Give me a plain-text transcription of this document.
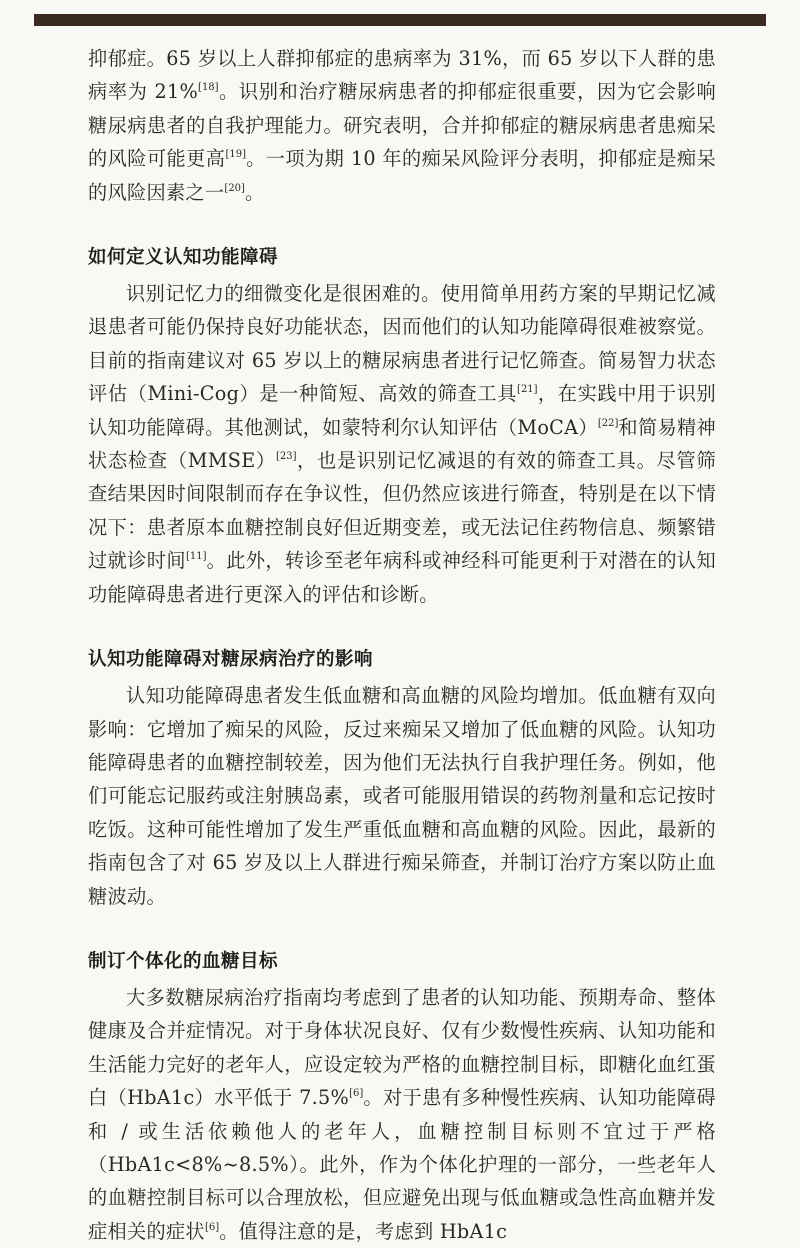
抑郁症。65 岁以上人群抑郁症的患病率为 31%，而 65 岁以下人群的患病率为 21%[18]。识别和治疗糖尿病患者的抑郁症很重要，因为它会影响糖尿病患者的自我护理能力。研究表明，合并抑郁症的糖尿病患者患痴呆的风险可能更高[19]。一项为期 10 年的痴呆风险评分表明，抑郁症是痴呆的风险因素之一[20]。

如何定义认知功能障碍

识别记忆力的细微变化是很困难的。使用简单用药方案的早期记忆减退患者可能仍保持良好功能状态，因而他们的认知功能障碍很难被察觉。目前的指南建议对 65 岁以上的糖尿病患者进行记忆筛查。简易智力状态评估（Mini-Cog）是一种简短、高效的筛查工具[21]，在实践中用于识别认知功能障碍。其他测试，如蒙特利尔认知评估（MoCA）[22]和简易精神状态检查（MMSE）[23]，也是识别记忆减退的有效的筛查工具。尽管筛查结果因时间限制而存在争议性，但仍然应该进行筛查，特别是在以下情况下：患者原本血糖控制良好但近期变差，或无法记住药物信息、频繁错过就诊时间[11]。此外，转诊至老年病科或神经科可能更利于对潜在的认知功能障碍患者进行更深入的评估和诊断。

认知功能障碍对糖尿病治疗的影响

认知功能障碍患者发生低血糖和高血糖的风险均增加。低血糖有双向影响：它增加了痴呆的风险，反过来痴呆又增加了低血糖的风险。认知功能障碍患者的血糖控制较差，因为他们无法执行自我护理任务。例如，他们可能忘记服药或注射胰岛素，或者可能服用错误的药物剂量和忘记按时吃饭。这种可能性增加了发生严重低血糖和高血糖的风险。因此，最新的指南包含了对 65 岁及以上人群进行痴呆筛查，并制订治疗方案以防止血糖波动。

制订个体化的血糖目标

大多数糖尿病治疗指南均考虑到了患者的认知功能、预期寿命、整体健康及合并症情况。对于身体状况良好、仅有少数慢性疾病、认知功能和生活能力完好的老年人，应设定较为严格的血糖控制目标，即糖化血红蛋白（HbA1c）水平低于 7.5%[6]。对于患有多种慢性疾病、认知功能障碍和 / 或生活依赖他人的老年人，血糖控制目标则不宜过于严格（HbA1c<8%~8.5%）。此外，作为个体化护理的一部分，一些老年人的血糖控制目标可以合理放松，但应避免出现与低血糖或急性高血糖并发症相关的症状[6]。值得注意的是，考虑到 HbA1c
